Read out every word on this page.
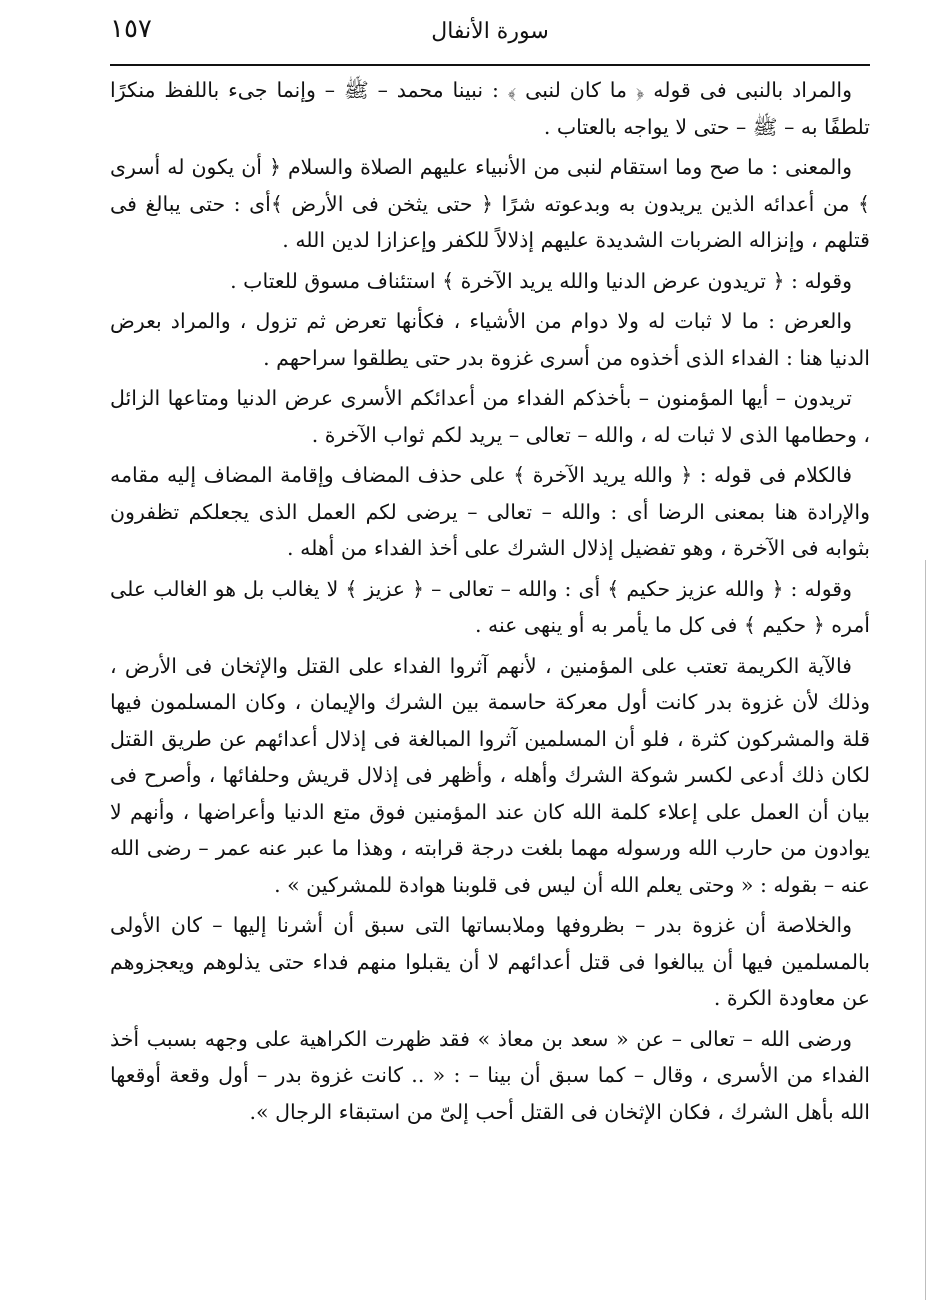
١٥٧	سورة الأنفال

والمراد بالنبى فى قوله ﴿ ما كان لنبى ﴾ : نبينا محمد – ﷺ – وإنما جىء باللفظ منكرًا تلطفًا به – ﷺ – حتى لا يواجه بالعتاب .

والمعنى : ما صح وما استقام لنبى من الأنبياء عليهم الصلاة والسلام ﴿ أن يكون له أسرى ﴾ من أعدائه الذين يريدون به وبدعوته شرًا ﴿ حتى يثخن فى الأرض ﴾أى : حتى يبالغ فى قتلهم ، وإنزاله الضربات الشديدة عليهم إذلالاً للكفر وإعزازا لدين الله .

وقوله : ﴿ تريدون عرض الدنيا والله يريد الآخرة ﴾ استئناف مسوق للعتاب .

والعرض : ما لا ثبات له ولا دوام من الأشياء ، فكأنها تعرض ثم تزول ، والمراد بعرض الدنيا هنا : الفداء الذى أخذوه من أسرى غزوة بدر حتى يطلقوا سراحهم .

تريدون – أيها المؤمنون – بأخذكم الفداء من أعدائكم الأسرى عرض الدنيا ومتاعها الزائل ، وحطامها الذى لا ثبات له ، والله – تعالى – يريد لكم ثواب الآخرة .

فالكلام فى قوله : ﴿ والله يريد الآخرة ﴾ على حذف المضاف وإقامة المضاف إليه مقامه والإرادة هنا بمعنى الرضا أى : والله – تعالى – يرضى لكم العمل الذى يجعلكم تظفرون بثوابه فى الآخرة ، وهو تفضيل إذلال الشرك على أخذ الفداء من أهله .

وقوله : ﴿ والله عزيز حكيم ﴾ أى : والله – تعالى – ﴿ عزيز ﴾ لا يغالب بل هو الغالب على أمره ﴿ حكيم ﴾ فى كل ما يأمر به أو ينهى عنه .

فالآية الكريمة تعتب على المؤمنين ، لأنهم آثروا الفداء على القتل والإثخان فى الأرض ، وذلك لأن غزوة بدر كانت أول معركة حاسمة بين الشرك والإيمان ، وكان المسلمون فيها قلة والمشركون كثرة ، فلو أن المسلمين آثروا المبالغة فى إذلال أعدائهم عن طريق القتل لكان ذلك أدعى لكسر شوكة الشرك وأهله ، وأظهر فى إذلال قريش وحلفائها ، وأصرح فى بيان أن العمل على إعلاء كلمة الله كان عند المؤمنين فوق متع الدنيا وأعراضها ، وأنهم لا يوادون من حارب الله ورسوله مهما بلغت درجة قرابته ، وهذا ما عبر عنه عمر – رضى الله عنه – بقوله : « وحتى يعلم الله أن ليس فى قلوبنا هوادة للمشركين » .

والخلاصة أن غزوة بدر – بظروفها وملابساتها التى سبق أن أشرنا إليها – كان الأولى بالمسلمين فيها أن يبالغوا فى قتل أعدائهم لا أن يقبلوا منهم فداء حتى يذلوهم ويعجزوهم عن معاودة الكرة .

ورضى الله – تعالى – عن « سعد بن معاذ » فقد ظهرت الكراهية على وجهه بسبب أخذ الفداء من الأسرى ، وقال – كما سبق أن بينا – : « .. كانت غزوة بدر – أول وقعة أوقعها الله بأهل الشرك ، فكان الإثخان فى القتل أحب إلىّ من استبقاء الرجال ».
